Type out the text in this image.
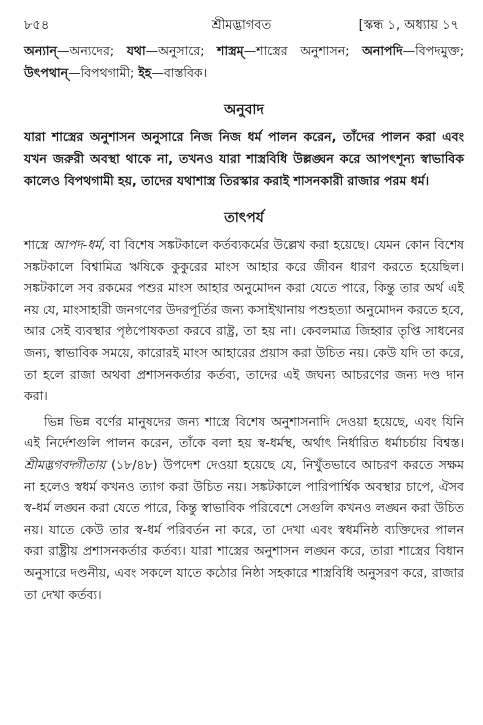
৮৫৪	শ্রীমদ্ভাগবত	[স্কন্ধ ১, অধ্যায় ১৭

অন্যান্—অন্যদের; যথা—অনুসারে; শাস্ত্রম্—শাস্ত্রের অনুশাসন; অনাপদি—বিপদমুক্ত; উৎপথান্—বিপথগামী; ইহ—বাস্তবিক।

অনুবাদ

যারা শাস্ত্রের অনুশাসন অনুসারে নিজ নিজ ধর্ম পালন করেন, তাঁদের পালন করা এবং যখন জরুরী অবস্থা থাকে না, তখনও যারা শাস্ত্রবিধি উল্লঙ্ঘন করে আপৎশূন্য স্বাভাবিক কালেও বিপথগামী হয়, তাদের যথাশাস্ত্র তিরস্কার করাই শাসনকারী রাজার পরম ধর্ম।

তাৎপর্য

শাস্ত্রে আপদ-ধর্ম, বা বিশেষ সঙ্কটকালে কর্তব্যকর্মের উল্লেখ করা হয়েছে। যেমন কোন বিশেষ সঙ্কটকালে বিশ্বামিত্র ঋষিকে কুকুরের মাংস আহার করে জীবন ধারণ করতে হয়েছিল। সঙ্কটকালে সব রকমের পশুর মাংস আহার অনুমোদন করা যেতে পারে, কিন্তু তার অর্থ এই নয় যে, মাংসাহারী জনগণের উদরপূর্তির জন্য কসাইখানায় পশুহত্যা অনুমোদন করতে হবে, আর সেই ব্যবস্থার পৃষ্ঠপোষকতা করবে রাষ্ট্র, তা হয় না। কেবলমাত্র জিহ্বার তৃপ্তি সাধনের জন্য, স্বাভাবিক সময়ে, কারোরই মাংস আহারের প্রয়াস করা উচিত নয়। কেউ যদি তা করে, তা হলে রাজা অথবা প্রশাসনকর্তার কর্তব্য, তাদের এই জঘন্য আচরণের জন্য দণ্ড দান করা।

ভিন্ন ভিন্ন বর্ণের মানুষদের জন্য শাস্ত্রে বিশেষ অনুশাসনাদি দেওয়া হয়েছে, এবং যিনি এই নির্দেশগুলি পালন করেন, তাঁকে বলা হয় স্ব-ধর্মস্থ, অর্থাৎ নির্ধারিত ধর্মাচর্চায় বিশ্বস্ত। শ্রীমদ্ভগবদ্গীতায় (১৮/৪৮) উপদেশ দেওয়া হয়েছে যে, নিখুঁতভাবে আচরণ করতে সক্ষম না হলেও স্বধর্ম কখনও ত্যাগ করা উচিত নয়। সঙ্কটকালে পারিপার্শ্বিক অবস্থার চাপে, ঐসব স্ব-ধর্ম লঙ্ঘন করা যেতে পারে, কিন্তু স্বাভাবিক পরিবেশে সেগুলি কখনও লঙ্ঘন করা উচিত নয়। যাতে কেউ তার স্ব-ধর্ম পরিবর্তন না করে, তা দেখা এবং স্বধর্মনিষ্ঠ ব্যক্তিদের পালন করা রাষ্ট্রীয় প্রশাসনকর্তার কর্তব্য। যারা শাস্ত্রের অনুশাসন লঙ্ঘন করে, তারা শাস্ত্রের বিধান অনুসারে দণ্ডনীয়, এবং সকলে যাতে কঠোর নিষ্ঠা সহকারে শাস্ত্রবিধি অনুসরণ করে, রাজার তা দেখা কর্তব্য।
